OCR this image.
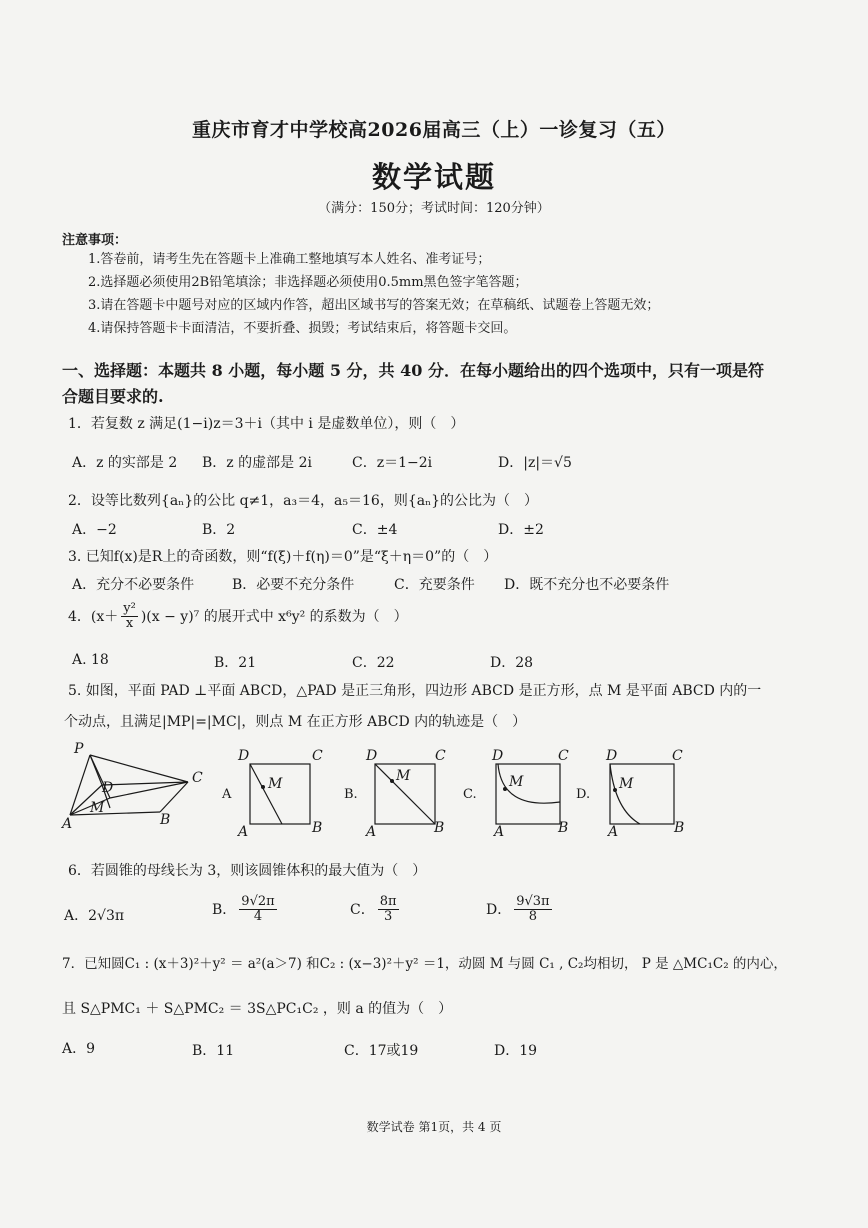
重庆市育才中学校高2026届高三（上）一诊复习（五）
数学试题
（满分：150分；考试时间：120分钟）
注意事项：
1.答卷前，请考生先在答题卡上准确工整地填写本人姓名、准考证号；
2.选择题必须使用2B铅笔填涂；非选择题必须使用0.5mm黑色签字笔答题；
3.请在答题卡中题号对应的区域内作答，超出区域书写的答案无效；在草稿纸、试题卷上答题无效；
4.请保持答题卡卡面清洁，不要折叠、损毁；考试结束后，将答题卡交回。
一、选择题：本题共 8 小题，每小题 5 分，共 40 分．在每小题给出的四个选项中，只有一项是符
合题目要求的.
1．若复数 z 满足(1−i)z＝3＋i（其中 i 是虚数单位），则（　）
A．z 的实部是 2 B．z 的虚部是 2i	C．z＝1−2i	D．|z|＝√5
2．设等比数列{aₙ}的公比 q≠1，a₃＝4，a₅＝16，则{aₙ}的公比为（　）
A．−2	B．2	C．±4	D．±2
3. 已知f(x)是R上的奇函数，则“f(ξ)＋f(η)＝0”是“ξ＋η＝0”的（　）
A．充分不必要条件	B．必要不充分条件	C．充要条件 D．既不充分也不必要条件
4．$(x+ \frac{\text{y²}}{x} )(x - y)^7$ 的展开式中 x⁶y² 的系数为（　）
A. 18	B．21	C．22	D．28
5. 如图，平面 PAD ⊥平面 ABCD，△PAD 是正三角形，四边形 ABCD 是正方形，点 M 是平面 ABCD 内的一
个动点，且满足|MP|=|MC|，则点 M 在正方形 ABCD 内的轨迹是（　）
P
D
C
M
A	B
A
D	C
M
A	B
B.
D	C
M
A	B
C.
D	C
M
A	B
D.
D	C
M
A	B
6．若圆锥的母线长为 3，则该圆锥体积的最大值为（　）
A．2√3π	B． $\frac{9√2\pi}{4}$	C． $\frac{8\pi}{3}$	D． $\frac{9√3\pi}{8}$
7．已知圆C₁ : (x＋3)²＋y² ＝ a²(a＞7) 和C₂ : (x−3)²＋y² ＝1，动圆 M 与圆 C₁ , C₂均相切， P 是 △MC₁C₂ 的内心，
且 S△PMC₁ ＋ S△PMC₂ ＝ 3S△PC₁C₂ ，则 a 的值为（　）
A．9	B．11	C．17或19	D．19
数学试卷 第1页，共 4 页
